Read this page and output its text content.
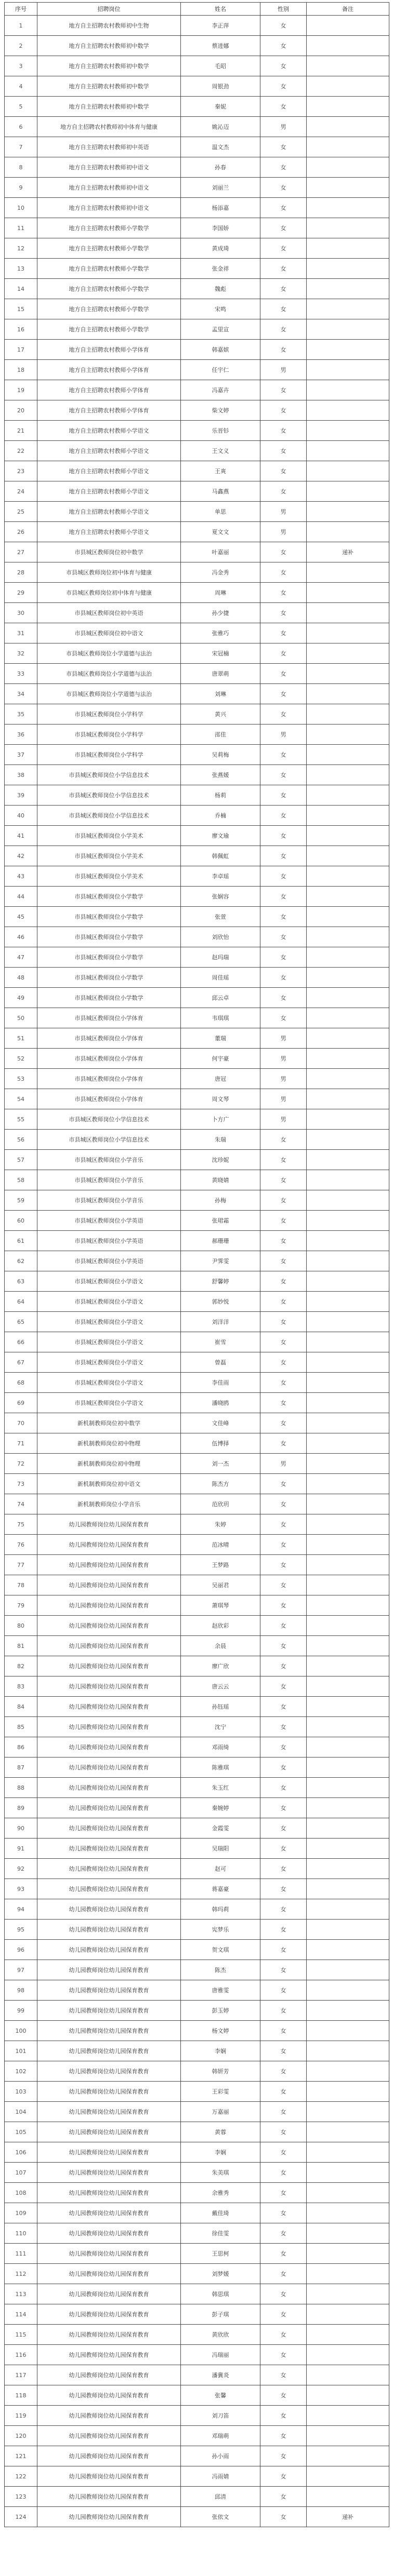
序号	招聘岗位	姓名	性别	备注
1	地方自主招聘农村教师初中生物	李正萍	女	
2	地方自主招聘农村教师初中数学	蔡进娜	女	
3	地方自主招聘农村教师初中数学	毛昭	女	
4	地方自主招聘农村教师初中数学	周银劲	女	
5	地方自主招聘农村教师初中数学	秦妮	女	
6	地方自主招聘农村教师初中体育与健康	姚沁迈	男	
7	地方自主招聘农村教师初中英语	温文杰	女	
8	地方自主招聘农村教师初中语文	孙春	女	
9	地方自主招聘农村教师初中语文	刘丽兰	女	
10	地方自主招聘农村教师初中语文	杨添嘉	女	
11	地方自主招聘农村教师小学数学	李国娇	女	
12	地方自主招聘农村教师小学数学	黄成琦	女	
13	地方自主招聘农村教师小学数学	张金祥	女	
14	地方自主招聘农村教师小学数学	魏彪	女	
15	地方自主招聘农村教师小学数学	宋鸣	女	
16	地方自主招聘农村教师小学数学	孟里宣	女	
17	地方自主招聘农村教师小学体育	韩嘉嫔	女	
18	地方自主招聘农村教师小学体育	任宇仁	男	
19	地方自主招聘农村教师小学体育	冯嘉卉	女	
20	地方自主招聘农村教师小学体育	柴文婷	女	
21	地方自主招聘农村教师小学语文	乐晋钐	女	
22	地方自主招聘农村教师小学语文	王文义	女	
23	地方自主招聘农村教师小学语文	王爽	女	
24	地方自主招聘农村教师小学语文	马鑫燕	女	
25	地方自主招聘农村教师小学语文	单思	男	
26	地方自主招聘农村教师小学语文	夏文文	男	
27	市县城区教师岗位初中数学	叶嘉丽	女	递补
28	市县城区教师岗位初中体育与健康	冯金秀	女	
29	市县城区教师岗位初中体育与健康	周琳	女	
30	市县城区教师岗位初中英语	孙少捷	女	
31	市县城区教师岗位初中语文	张雅巧	女	
32	市县城区教师岗位小学道德与法治	宋冠楠	女	
33	市县城区教师岗位小学道德与法治	唐翠萌	女	
34	市县城区教师岗位小学道德与法治	刘琳	女	
35	市县城区教师岗位小学科学	黄兴	女	
36	市县城区教师岗位小学科学	邵佳	男	
37	市县城区教师岗位小学科学	吴莉梅	女	
38	市县城区教师岗位小学信息技术	张燕媛	女	
39	市县城区教师岗位小学信息技术	杨莉	女	
40	市县城区教师岗位小学信息技术	乔楠	女	
41	市县城区教师岗位小学美术	廖文瑜	女	
42	市县城区教师岗位小学美术	韩佩虹	女	
43	市县城区教师岗位小学美术	李卓瑶	女	
44	市县城区教师岗位小学数学	张娴容	女	
45	市县城区教师岗位小学数学	张萱	女	
46	市县城区教师岗位小学数学	刘欣怡	女	
47	市县城区教师岗位小学数学	赵玛瑞	女	
48	市县城区教师岗位小学数学	周佳瑶	女	
49	市县城区教师岗位小学数学	邱云卓	女	
50	市县城区教师岗位小学体育	韦琪琪	女	
51	市县城区教师岗位小学体育	董瑞	男	
52	市县城区教师岗位小学体育	何宇豪	男	
53	市县城区教师岗位小学体育	唐冠	男	
54	市县城区教师岗位小学体育	周文琴	男	
55	市县城区教师岗位小学信息技术	卜方广	男	
56	市县城区教师岗位小学信息技术	朱瑞	女	
57	市县城区教师岗位小学音乐	沈珍妮	女	
58	市县城区教师岗位小学音乐	黄晓婧	女	
59	市县城区教师岗位小学音乐	孙梅	女	
60	市县城区教师岗位小学英语	张珺霜	女	
61	市县城区教师岗位小学英语	郝珊珊	女	
62	市县城区教师岗位小学英语	尹霁雯	女	
63	市县城区教师岗位小学语文	舒馨婷	女	
64	市县城区教师岗位小学语文	郭妙悦	女	
65	市县城区教师岗位小学语文	刘洋洋	女	
66	市县城区教师岗位小学语文	崔雪	女	
67	市县城区教师岗位小学语文	曾磊	女	
68	市县城区教师岗位小学语文	李佳雨	女	
69	市县城区教师岗位小学语文	潘晓鸥	女	
70	新机制教师岗位初中数学	文佳峰	女	
71	新机制教师岗位初中物理	伍博择	女	
72	新机制教师岗位初中物理	刘一杰	男	
73	新机制教师岗位初中语文	陈杰方	女	
74	新机制教师岗位小学音乐	范欣玥	女	
75	幼儿园教师岗位幼儿园保育教育	朱婷	女	
76	幼儿园教师岗位幼儿园保育教育	范冰晴	女	
77	幼儿园教师岗位幼儿园保育教育	王梦路	女	
78	幼儿园教师岗位幼儿园保育教育	吴丽君	女	
79	幼儿园教师岗位幼儿园保育教育	萧琪琴	女	
80	幼儿园教师岗位幼儿园保育教育	赵欣彩	女	
81	幼儿园教师岗位幼儿园保育教育	余晨	女	
82	幼儿园教师岗位幼儿园保育教育	廖广欣	女	
83	幼儿园教师岗位幼儿园保育教育	唐云云	女	
84	幼儿园教师岗位幼儿园保育教育	孙钰瑶	女	
85	幼儿园教师岗位幼儿园保育教育	沈宁	女	
86	幼儿园教师岗位幼儿园保育教育	邓雨绮	女	
87	幼儿园教师岗位幼儿园保育教育	陈雅琪	女	
88	幼儿园教师岗位幼儿园保育教育	朱玉红	女	
89	幼儿园教师岗位幼儿园保育教育	秦婉婷	女	
90	幼儿园教师岗位幼儿园保育教育	金霞雯	女	
91	幼儿园教师岗位幼儿园保育教育	吴瑞阳	女	
92	幼儿园教师岗位幼儿园保育教育	赵可	女	
93	幼儿园教师岗位幼儿园保育教育	蒋嘉豪	女	
94	幼儿园教师岗位幼儿园保育教育	韩玛莉	女	
95	幼儿园教师岗位幼儿园保育教育	宪梦乐	女	
96	幼儿园教师岗位幼儿园保育教育	贺文琪	女	
97	幼儿园教师岗位幼儿园保育教育	陈杰	女	
98	幼儿园教师岗位幼儿园保育教育	唐雅雯	女	
99	幼儿园教师岗位幼儿园保育教育	彭玉婷	女	
100	幼儿园教师岗位幼儿园保育教育	杨文婷	女	
101	幼儿园教师岗位幼儿园保育教育	李娴	女	
102	幼儿园教师岗位幼儿园保育教育	韩妍芳	女	
103	幼儿园教师岗位幼儿园保育教育	王彩雯	女	
104	幼儿园教师岗位幼儿园保育教育	万嘉丽	女	
105	幼儿园教师岗位幼儿园保育教育	黄蓉	女	
106	幼儿园教师岗位幼儿园保育教育	李娴	女	
107	幼儿园教师岗位幼儿园保育教育	朱美琪	女	
108	幼儿园教师岗位幼儿园保育教育	余雅秀	女	
109	幼儿园教师岗位幼儿园保育教育	戴佳琦	女	
110	幼儿园教师岗位幼儿园保育教育	徐佳雯	女	
111	幼儿园教师岗位幼儿园保育教育	王思柯	女	
112	幼儿园教师岗位幼儿园保育教育	刘梦媛	女	
113	幼儿园教师岗位幼儿园保育教育	韩思琪	女	
114	幼儿园教师岗位幼儿园保育教育	彭子琪	女	
115	幼儿园教师岗位幼儿园保育教育	黄欣欣	女	
116	幼儿园教师岗位幼儿园保育教育	冯瑞丽	女	
117	幼儿园教师岗位幼儿园保育教育	潘冀炎	女	
118	幼儿园教师岗位幼儿园保育教育	张馨	女	
119	幼儿园教师岗位幼儿园保育教育	刘刀笛	女	
120	幼儿园教师岗位幼儿园保育教育	邓瑞萌	女	
121	幼儿园教师岗位幼儿园保育教育	孙小雨	女	
122	幼儿园教师岗位幼儿园保育教育	冯雨婧	女	
123	幼儿园教师岗位幼儿园保育教育	邱清	女	
124	幼儿园教师岗位幼儿园保育教育	张依文	女	递补
